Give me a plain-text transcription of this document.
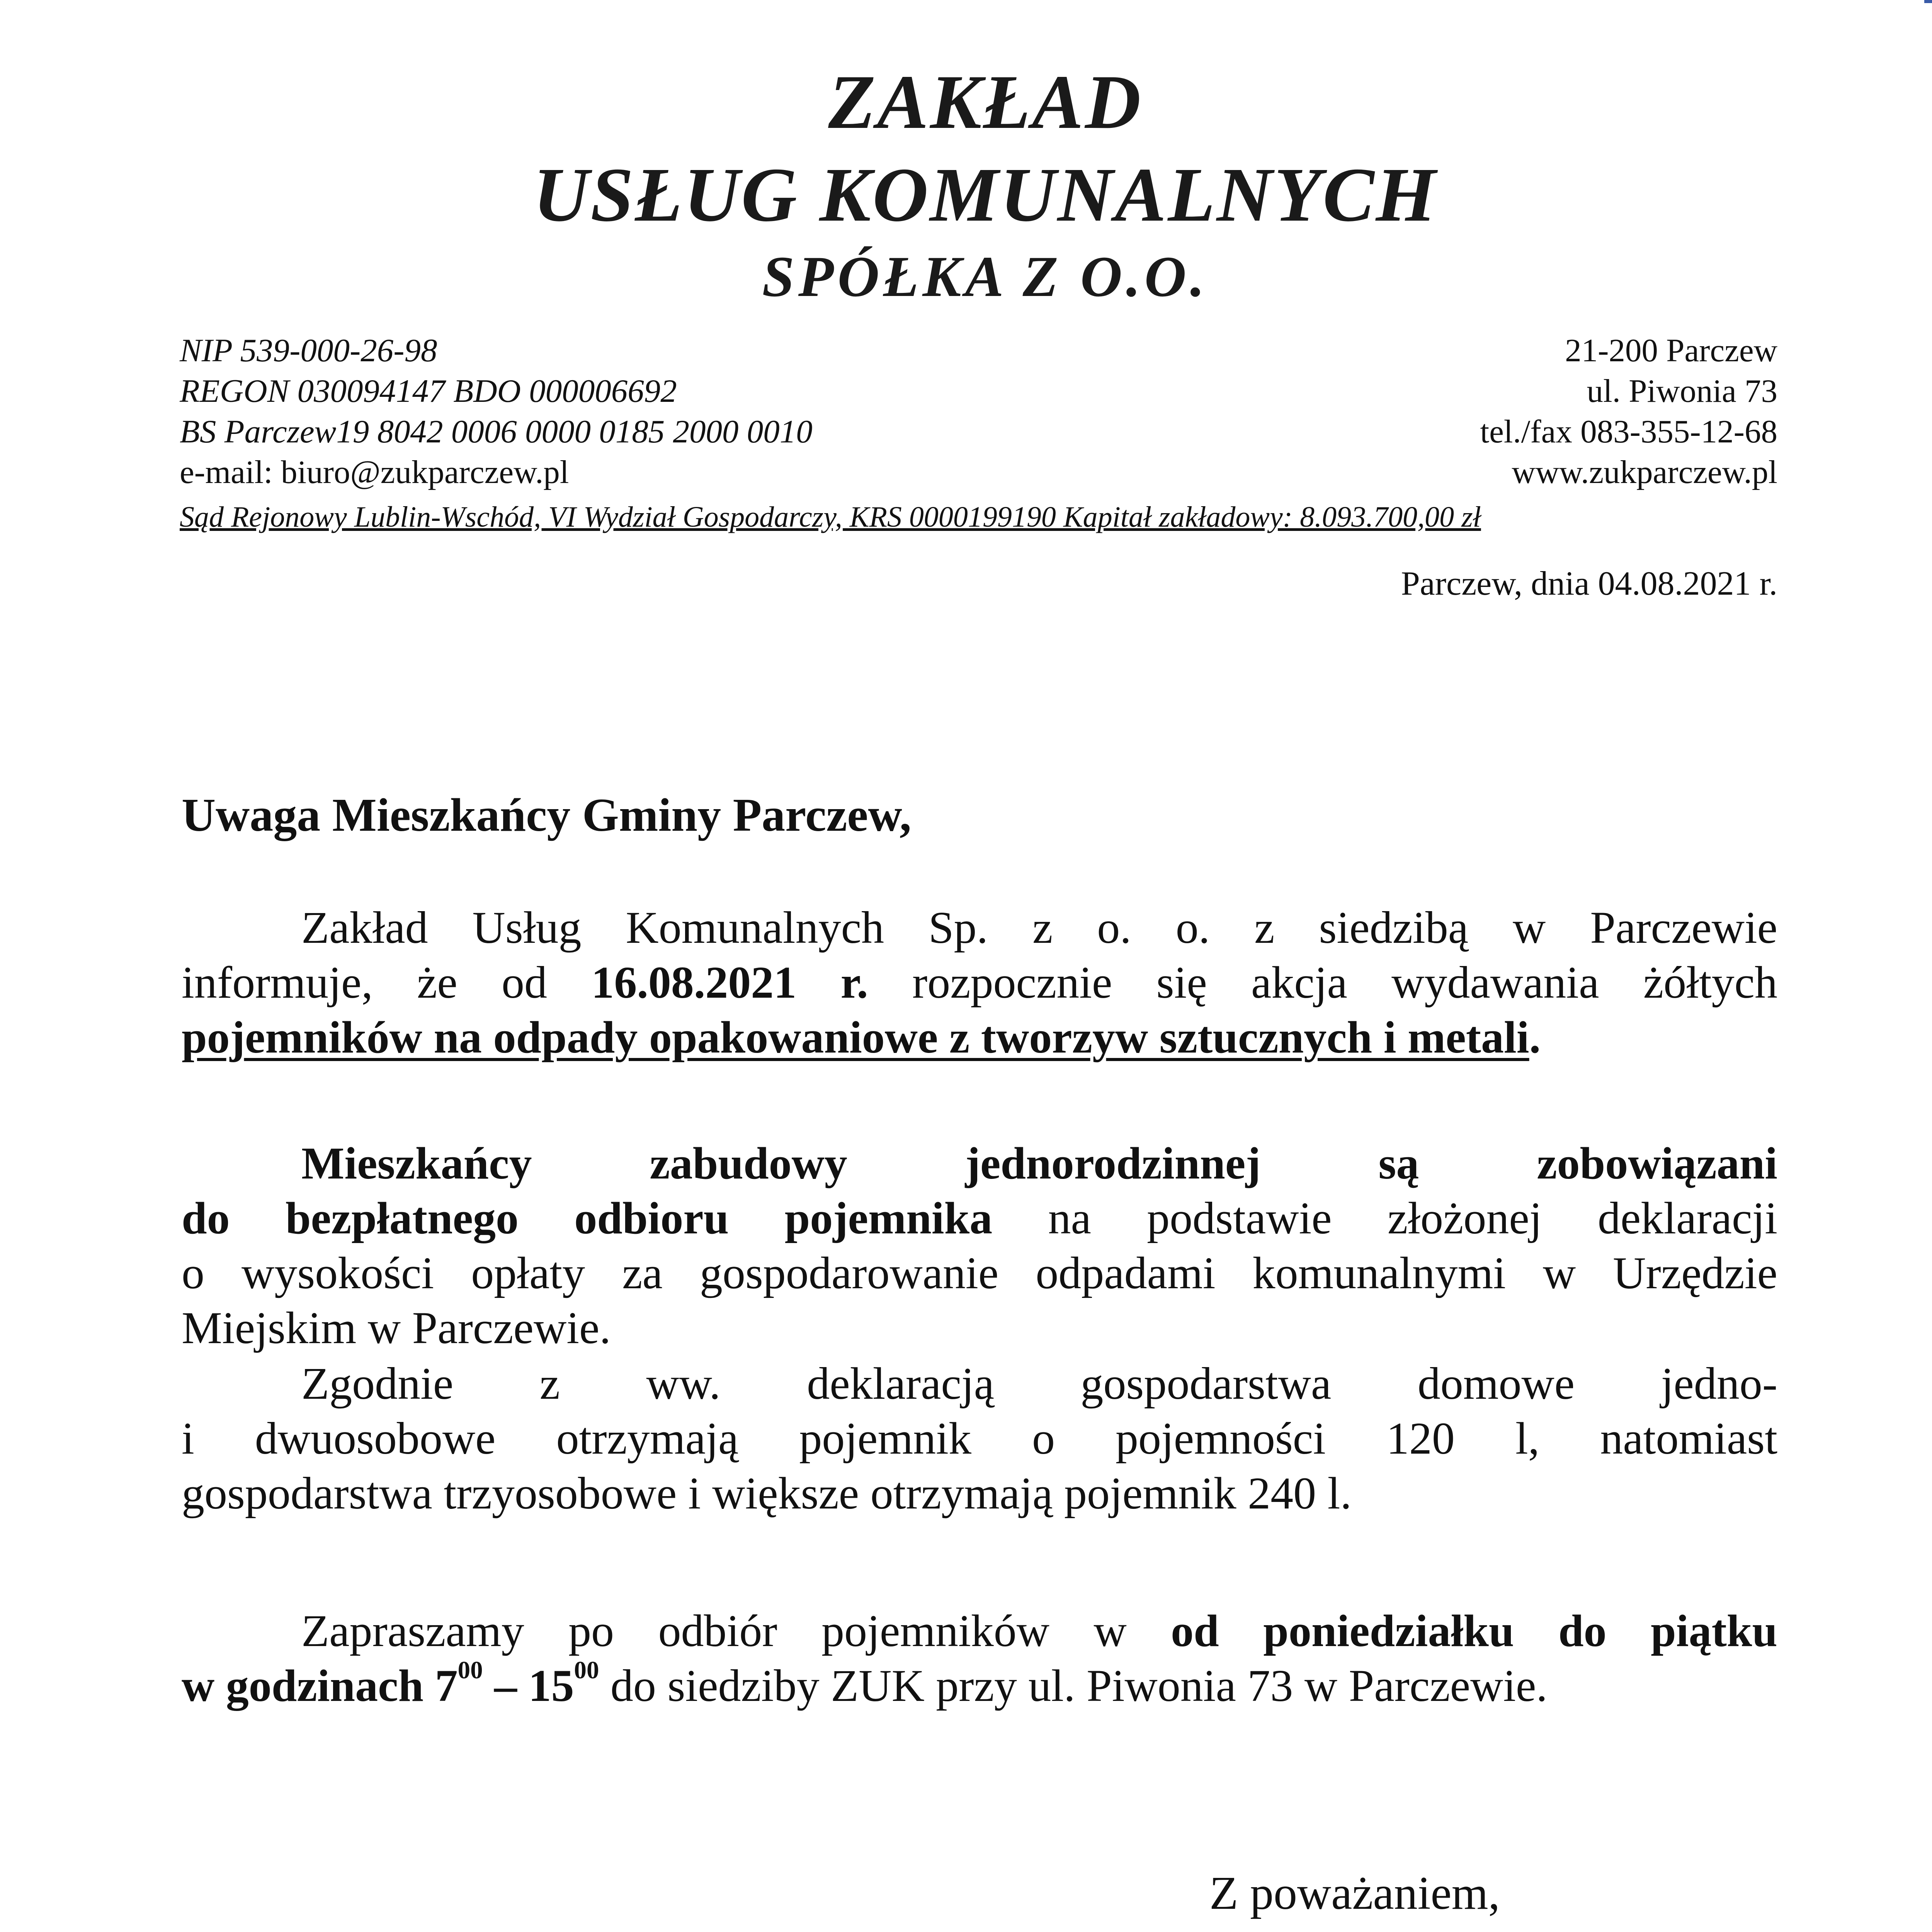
ZAKŁAD
USŁUG KOMUNALNYCH
SPÓŁKA Z O.O.
NIP 539-000-26-98
REGON 030094147 BDO 000006692
BS Parczew19 8042 0006 0000 0185 2000 0010
e-mail: biuro@zukparczew.pl
21-200 Parczew
ul. Piwonia 73
tel./fax 083-355-12-68
www.zukparczew.pl
Sąd Rejonowy Lublin-Wschód, VI Wydział Gospodarczy, KRS 0000199190 Kapitał zakładowy: 8.093.700,00 zł
Parczew, dnia 04.08.2021 r.
Uwaga Mieszkańcy Gminy Parczew,
Zakład Usług Komunalnych Sp. z o. o. z siedzibą w Parczewie
informuje, że od 16.08.2021 r. rozpocznie się akcja wydawania żółtych
pojemników na odpady opakowaniowe z tworzyw sztucznych i metali.
Mieszkańcy zabudowy jednorodzinnej są zobowiązani
do bezpłatnego odbioru pojemnika na podstawie złożonej deklaracji
o wysokości opłaty za gospodarowanie odpadami komunalnymi w Urzędzie
Miejskim w Parczewie.
Zgodnie z ww. deklaracją gospodarstwa domowe jedno-
i dwuosobowe otrzymają pojemnik o pojemności 120 l, natomiast
gospodarstwa trzyosobowe i większe otrzymają pojemnik 240 l.
Zapraszamy po odbiór pojemników w od poniedziałku do piątku
w godzinach $7^{00} - 15^{00}$ do siedziby ZUK przy ul. Piwonia 73 w Parczewie.
Z poważaniem,
